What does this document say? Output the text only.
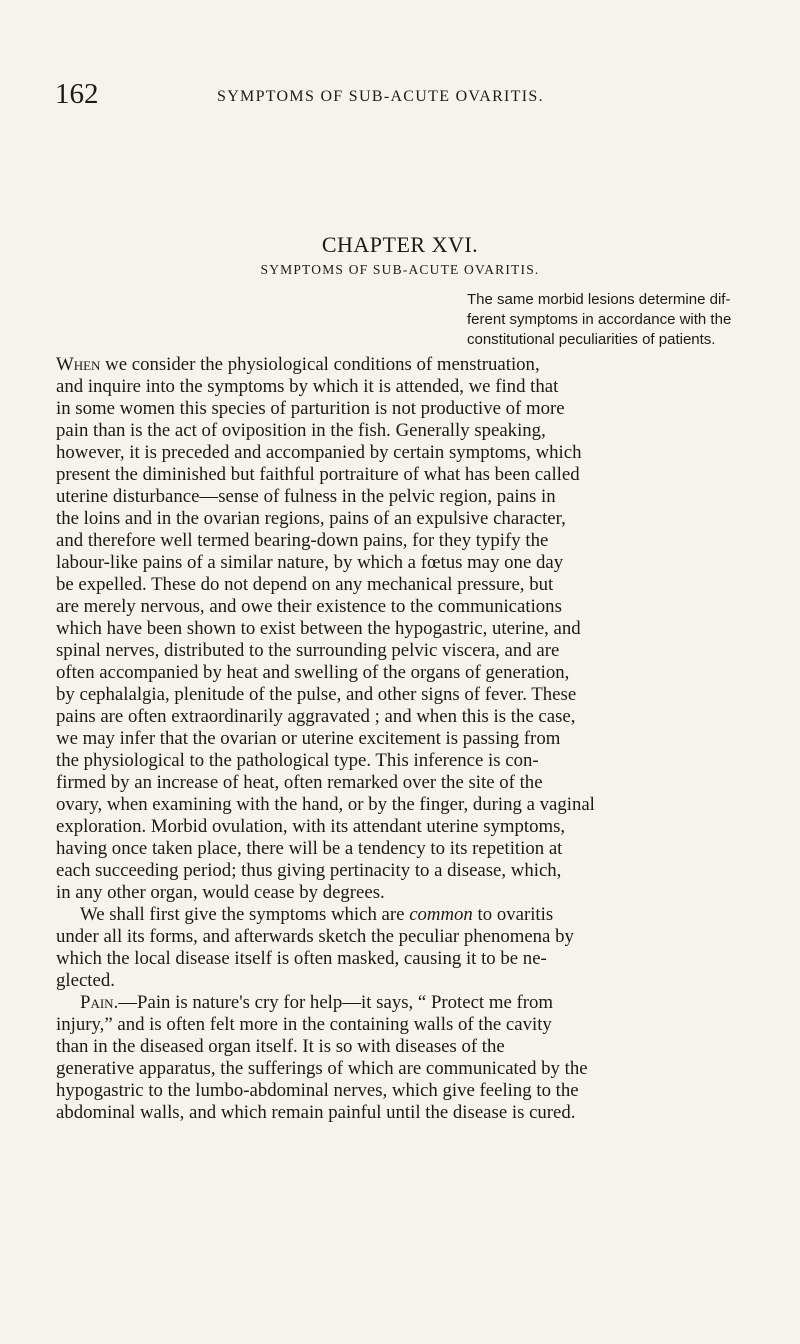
162	SYMPTOMS OF SUB-ACUTE OVARITIS.
CHAPTER XVI.
SYMPTOMS OF SUB-ACUTE OVARITIS.
The same morbid lesions determine dif-
ferent symptoms in accordance with the
constitutional peculiarities of patients.
When we consider the physiological conditions of menstruation,
and inquire into the symptoms by which it is attended, we find that
in some women this species of parturition is not productive of more
pain than is the act of oviposition in the fish. Generally speaking,
however, it is preceded and accompanied by certain symptoms, which
present the diminished but faithful portraiture of what has been called
uterine disturbance—sense of fulness in the pelvic region, pains in
the loins and in the ovarian regions, pains of an expulsive character,
and therefore well termed bearing-down pains, for they typify the
labour-like pains of a similar nature, by which a fœtus may one day
be expelled. These do not depend on any mechanical pressure, but
are merely nervous, and owe their existence to the communications
which have been shown to exist between the hypogastric, uterine, and
spinal nerves, distributed to the surrounding pelvic viscera, and are
often accompanied by heat and swelling of the organs of generation,
by cephalalgia, plenitude of the pulse, and other signs of fever. These
pains are often extraordinarily aggravated ; and when this is the case,
we may infer that the ovarian or uterine excitement is passing from
the physiological to the pathological type. This inference is con-
firmed by an increase of heat, often remarked over the site of the
ovary, when examining with the hand, or by the finger, during a vaginal
exploration. Morbid ovulation, with its attendant uterine symptoms,
having once taken place, there will be a tendency to its repetition at
each succeeding period; thus giving pertinacity to a disease, which,
in any other organ, would cease by degrees.
We shall first give the symptoms which are common to ovaritis
under all its forms, and afterwards sketch the peculiar phenomena by
which the local disease itself is often masked, causing it to be ne-
glected.
Pain.—Pain is nature's cry for help—it says, “ Protect me from
injury,” and is often felt more in the containing walls of the cavity
than in the diseased organ itself. It is so with diseases of the
generative apparatus, the sufferings of which are communicated by the
hypogastric to the lumbo-abdominal nerves, which give feeling to the
abdominal walls, and which remain painful until the disease is cured.
